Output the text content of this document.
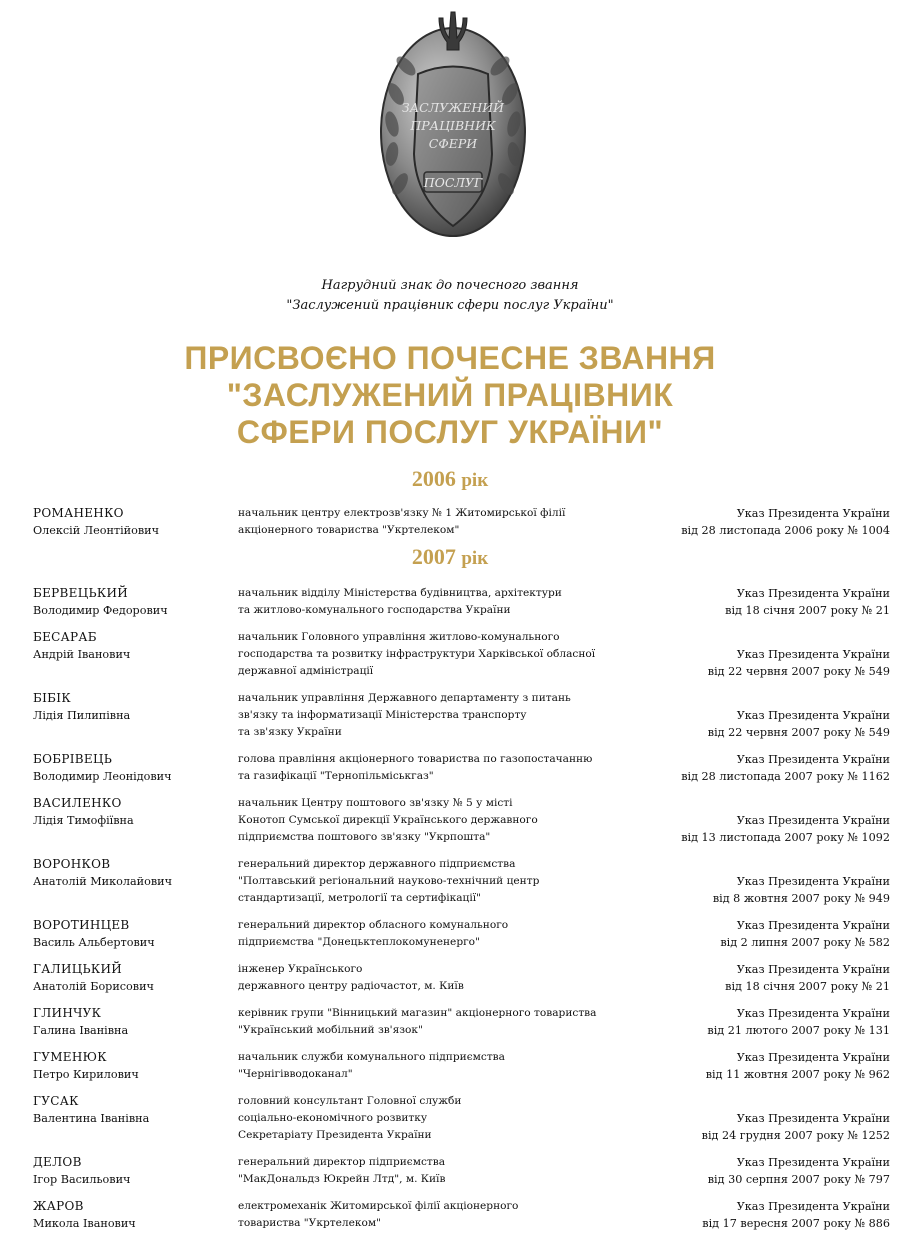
ЗАСЛУЖЕНИЙ
ПРАЦІВНИК
СФЕРИ
ПОСЛУГ
Нагрудний знак до почесного звання
"Заслужений працівник сфери послуг України"
ПРИСВОЄНО ПОЧЕСНЕ ЗВАННЯ
"ЗАСЛУЖЕНИЙ ПРАЦІВНИК
СФЕРИ ПОСЛУГ УКРАЇНИ"
2006 рік
РОМАНЕНКО
Олексій Леонтійович
начальник центру електрозв'язку № 1 Житомирської філії
акціонерного товариства "Укртелеком"
Указ Президента України
від 28 листопада 2006 року № 1004
2007 рік
БЕРВЕЦЬКИЙ
Володимир Федорович
начальник відділу Міністерства будівництва, архітектури
та житлово-комунального господарства України
Указ Президента України
від 18 січня 2007 року № 21
БЕСАРАБ
Андрій Іванович
начальник Головного управління житлово-комунального
господарства та розвитку інфраструктури Харківської обласної
державної адміністрації
Указ Президента України
від 22 червня 2007 року № 549
БІБІК
Лідія Пилипівна
начальник управління Державного департаменту з питань
зв'язку та інформатизації Міністерства транспорту
та зв'язку України
Указ Президента України
від 22 червня 2007 року № 549
БОБРІВЕЦЬ
Володимир Леонідович
голова правління акціонерного товариства по газопостачанню
та газифікації "Тернопільміськгаз"
Указ Президента України
від 28 листопада 2007 року № 1162
ВАСИЛЕНКО
Лідія Тимофіївна
начальник Центру поштового зв'язку № 5 у місті
Конотоп Сумської дирекції Українського державного
підприємства поштового зв'язку "Укрпошта"
Указ Президента України
від 13 листопада 2007 року № 1092
ВОРОНКОВ
Анатолій Миколайович
генеральний директор державного підприємства
"Полтавський регіональний науково-технічний центр
стандартизації, метрології та сертифікації"
Указ Президента України
від 8 жовтня 2007 року № 949
ВОРОТИНЦЕВ
Василь Альбертович
генеральний директор обласного комунального
підприємства "Донецьктеплокомуненерго"
Указ Президента України
від 2 липня 2007 року № 582
ГАЛИЦЬКИЙ
Анатолій Борисович
інженер Українського
державного центру радіочастот, м. Київ
Указ Президента України
від 18 січня 2007 року № 21
ГЛИНЧУК
Галина Іванівна
керівник групи "Вінницький магазин" акціонерного товариства
"Український мобільний зв'язок"
Указ Президента України
від 21 лютого 2007 року № 131
ГУМЕНЮК
Петро Кирилович
начальник служби комунального підприємства
"Чернігівводоканал"
Указ Президента України
від 11 жовтня 2007 року № 962
ГУСАК
Валентина Іванівна
головний консультант Головної служби
соціально-економічного розвитку
Секретаріату Президента України
Указ Президента України
від 24 грудня 2007 року № 1252
ДЕЛОВ
Ігор Васильович
генеральний директор підприємства
"МакДональдз Юкрейн Лтд", м. Київ
Указ Президента України
від 30 серпня 2007 року № 797
ЖАРОВ
Микола Іванович
електромеханік Житомирської філії акціонерного
товариства "Укртелеком"
Указ Президента України
від 17 вересня 2007 року № 886
